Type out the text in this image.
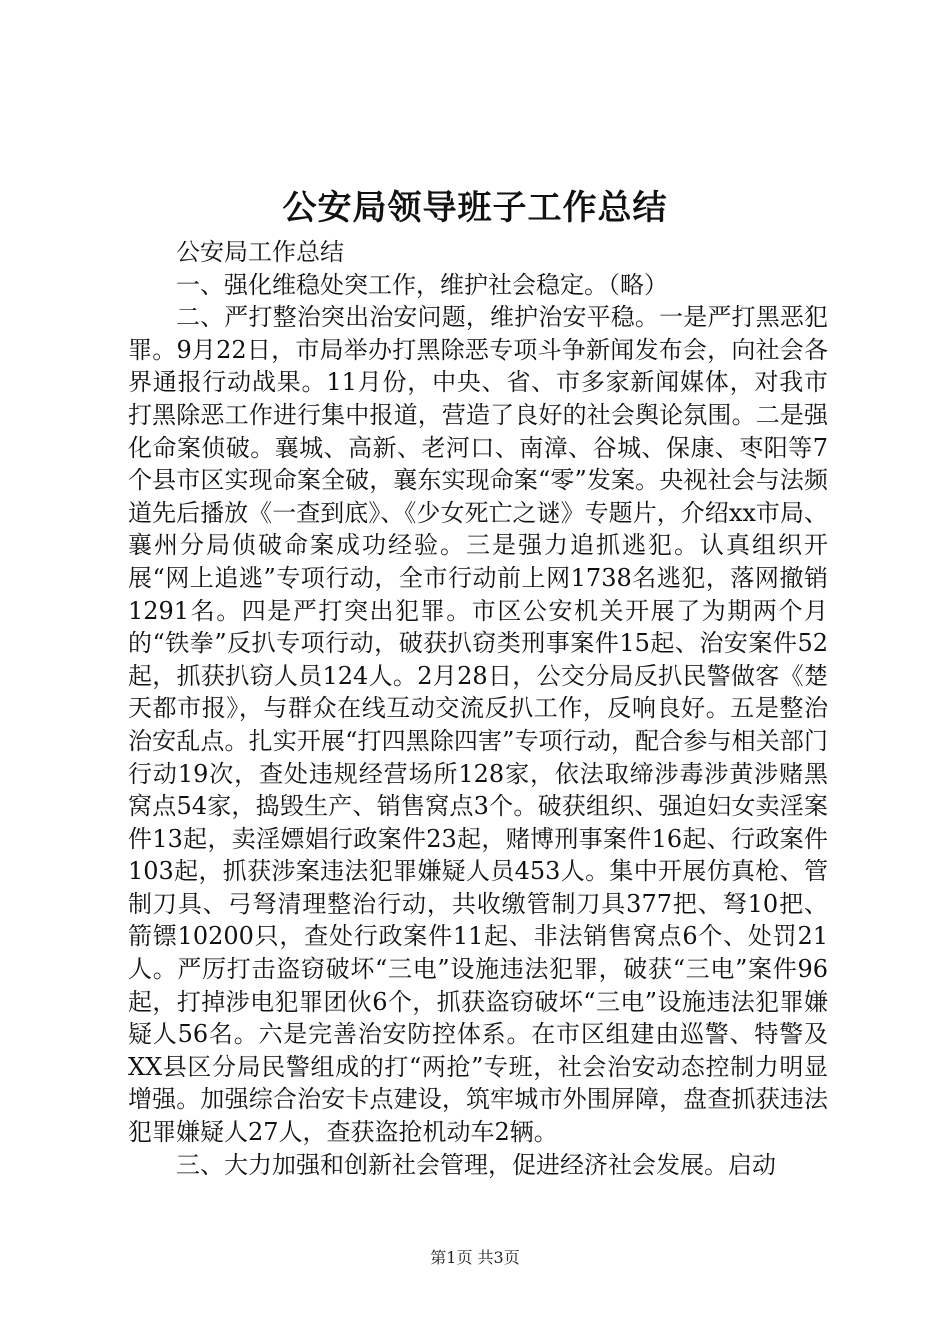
公安局领导班子工作总结

公安局工作总结

一、强化维稳处突工作，维护社会稳定。（略）

二、严打整治突出治安问题，维护治安平稳。一是严打黑恶犯罪。9月22日，市局举办打黑除恶专项斗争新闻发布会，向社会各界通报行动战果。11月份，中央、省、市多家新闻媒体，对我市打黑除恶工作进行集中报道，营造了良好的社会舆论氛围。二是强化命案侦破。襄城、高新、老河口、南漳、谷城、保康、枣阳等7个县市区实现命案全破，襄东实现命案“零”发案。央视社会与法频道先后播放《一查到底》、《少女死亡之谜》专题片，介绍xx市局、襄州分局侦破命案成功经验。三是强力追抓逃犯。认真组织开展“网上追逃”专项行动，全市行动前上网1738名逃犯，落网撤销1291名。四是严打突出犯罪。市区公安机关开展了为期两个月的“铁拳”反扒专项行动，破获扒窃类刑事案件15起、治安案件52起，抓获扒窃人员124人。2月28日，公交分局反扒民警做客《楚天都市报》，与群众在线互动交流反扒工作，反响良好。五是整治治安乱点。扎实开展“打四黑除四害”专项行动，配合参与相关部门行动19次，查处违规经营场所128家，依法取缔涉毒涉黄涉赌黑窝点54家，捣毁生产、销售窝点3个。破获组织、强迫妇女卖淫案件13起，卖淫嫖娼行政案件23起，赌博刑事案件16起、行政案件103起，抓获涉案违法犯罪嫌疑人员453人。集中开展仿真枪、管制刀具、弓弩清理整治行动，共收缴管制刀具377把、弩10把、箭镖10200只，查处行政案件11起、非法销售窝点6个、处罚21人。严厉打击盗窃破坏“三电”设施违法犯罪，破获“三电”案件96起，打掉涉电犯罪团伙6个，抓获盗窃破坏“三电”设施违法犯罪嫌疑人56名。六是完善治安防控体系。在市区组建由巡警、特警及XX县区分局民警组成的打“两抢”专班，社会治安动态控制力明显增强。加强综合治安卡点建设，筑牢城市外围屏障，盘查抓获违法犯罪嫌疑人27人，查获盗抢机动车2辆。

三、大力加强和创新社会管理，促进经济社会发展。启动

第1页 共3页
